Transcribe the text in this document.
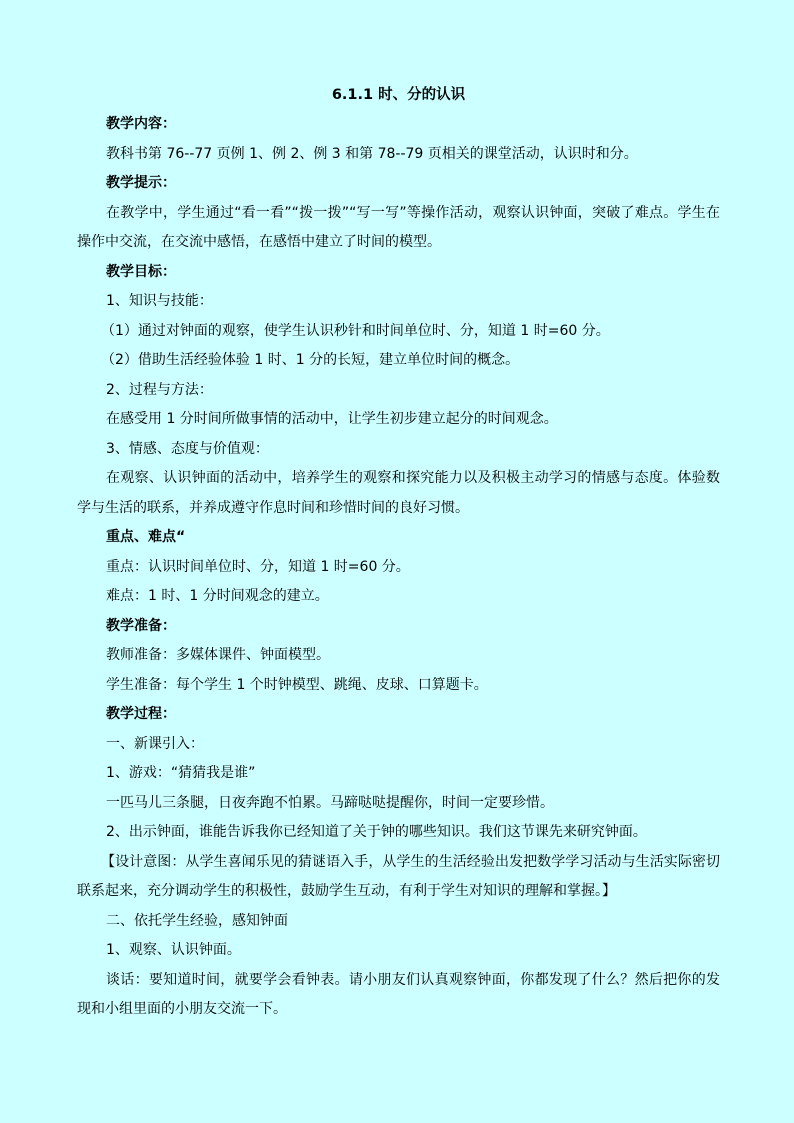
6.1.1 时、分的认识
教学内容：
教科书第 76--77 页例 1、例 2、例 3 和第 78--79 页相关的课堂活动，认识时和分。
教学提示：
在教学中，学生通过“看一看”“拨一拨”“写一写”等操作活动，观察认识钟面，突破了难点。学生在操作中交流，在交流中感悟，在感悟中建立了时间的模型。
教学目标：
1、知识与技能：
（1）通过对钟面的观察，使学生认识秒针和时间单位时、分，知道 1 时=60 分。
（2）借助生活经验体验 1 时、1 分的长短，建立单位时间的概念。
2、过程与方法：
在感受用 1 分时间所做事情的活动中，让学生初步建立起分的时间观念。
3、情感、态度与价值观：
在观察、认识钟面的活动中，培养学生的观察和探究能力以及积极主动学习的情感与态度。体验数学与生活的联系，并养成遵守作息时间和珍惜时间的良好习惯。
重点、难点“
重点：认识时间单位时、分，知道 1 时=60 分。
难点：1 时、1 分时间观念的建立。
教学准备：
教师准备：多媒体课件、钟面模型。
学生准备：每个学生 1 个时钟模型、跳绳、皮球、口算题卡。
教学过程：
一、新课引入：
1、游戏：“猜猜我是谁”
一匹马儿三条腿，日夜奔跑不怕累。马蹄哒哒提醒你，时间一定要珍惜。
2、出示钟面，谁能告诉我你已经知道了关于钟的哪些知识。我们这节课先来研究钟面。
【设计意图：从学生喜闻乐见的猜谜语入手，从学生的生活经验出发把数学学习活动与生活实际密切联系起来，充分调动学生的积极性，鼓励学生互动，有利于学生对知识的理解和掌握。】
二、依托学生经验，感知钟面
1、观察、认识钟面。
谈话：要知道时间，就要学会看钟表。请小朋友们认真观察钟面，你都发现了什么？然后把你的发现和小组里面的小朋友交流一下。
